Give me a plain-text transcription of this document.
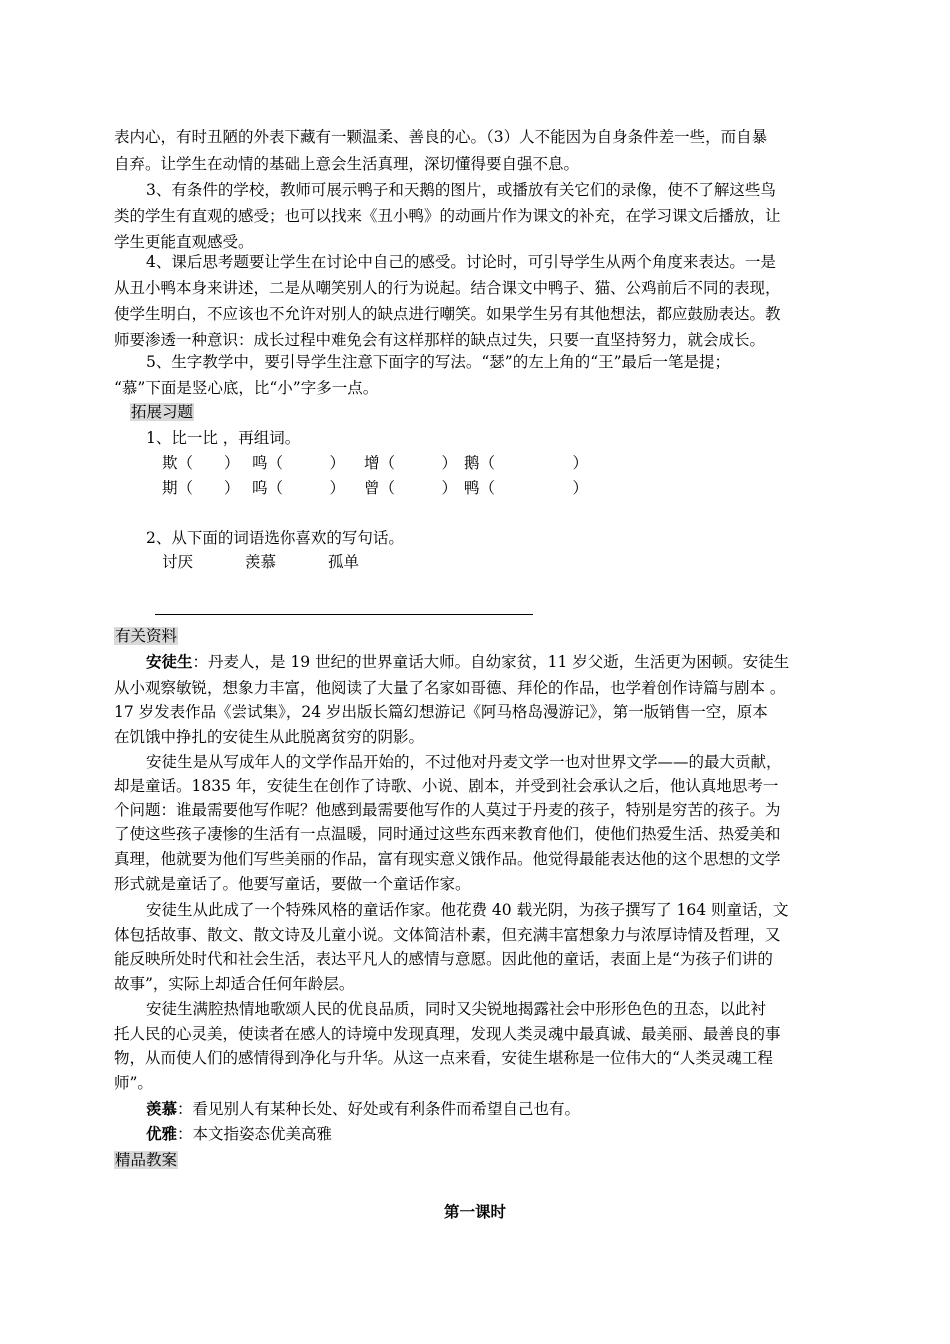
表内心，有时丑陋的外表下藏有一颗温柔、善良的心。（3）人不能因为自身条件差一些，而自暴
自弃。让学生在动情的基础上意会生活真理，深切懂得要自强不息。
3、有条件的学校，教师可展示鸭子和天鹅的图片，或播放有关它们的录像，使不了解这些鸟
类的学生有直观的感受；也可以找来《丑小鸭》的动画片作为课文的补充，在学习课文后播放，让
学生更能直观感受。
4、课后思考题要让学生在讨论中自己的感受。讨论时，可引导学生从两个角度来表达。一是
从丑小鸭本身来讲述，二是从嘲笑别人的行为说起。结合课文中鸭子、猫、公鸡前后不同的表现，
使学生明白，不应该也不允许对别人的缺点进行嘲笑。如果学生另有其他想法，都应鼓励表达。教
师要渗透一种意识：成长过程中难免会有这样那样的缺点过失，只要一直坚持努力，就会成长。
5、生字教学中，要引导学生注意下面字的写法。“瑟”的左上角的“王”最后一笔是提；
“慕”下面是竖心底，比“小”字多一点。
拓展习题
1、比一比 ，再组词。
欺（　　） 鸣（　　　） 增（　　　） 鹅（　　　　　）
期（　　） 呜（　　　） 曾（　　　） 鸭（　　　　　）
2、从下面的词语选你喜欢的写句话。
讨厌	羡慕	孤单
有关资料
安徒生：丹麦人，是 19 世纪的世界童话大师。自幼家贫，11 岁父逝，生活更为困顿。安徒生
从小观察敏锐，想象力丰富，他阅读了大量了名家如哥德、拜伦的作品，也学着创作诗篇与剧本 。
17 岁发表作品《尝试集》，24 岁出版长篇幻想游记《阿马格岛漫游记》，第一版销售一空，原本
在饥饿中挣扎的安徒生从此脱离贫穷的阴影。
安徒生是从写成年人的文学作品开始的，不过他对丹麦文学一也对世界文学——的最大贡献，
却是童话。1835 年，安徒生在创作了诗歌、小说、剧本，并受到社会承认之后，他认真地思考一
个问题：谁最需要他写作呢？他感到最需要他写作的人莫过于丹麦的孩子，特别是穷苦的孩子。为
了使这些孩子凄惨的生活有一点温暖，同时通过这些东西来教育他们，使他们热爱生活、热爱美和
真理，他就要为他们写些美丽的作品，富有现实意义饿作品。他觉得最能表达他的这个思想的文学
形式就是童话了。他要写童话，要做一个童话作家。
安徒生从此成了一个特殊风格的童话作家。他花费 40 载光阴，为孩子撰写了 164 则童话，文
体包括故事、散文、散文诗及儿童小说。文体简洁朴素，但充满丰富想象力与浓厚诗情及哲理，又
能反映所处时代和社会生活，表达平凡人的感情与意愿。因此他的童话，表面上是“为孩子们讲的
故事”，实际上却适合任何年龄层。
安徒生满腔热情地歌颂人民的优良品质，同时又尖锐地揭露社会中形形色色的丑态，以此衬
托人民的心灵美，使读者在感人的诗境中发现真理，发现人类灵魂中最真诚、最美丽、最善良的事
物，从而使人们的感情得到净化与升华。从这一点来看，安徒生堪称是一位伟大的“人类灵魂工程
师”。
羡慕：看见别人有某种长处、好处或有利条件而希望自己也有。
优雅：本文指姿态优美高雅
精品教案
第一课时
